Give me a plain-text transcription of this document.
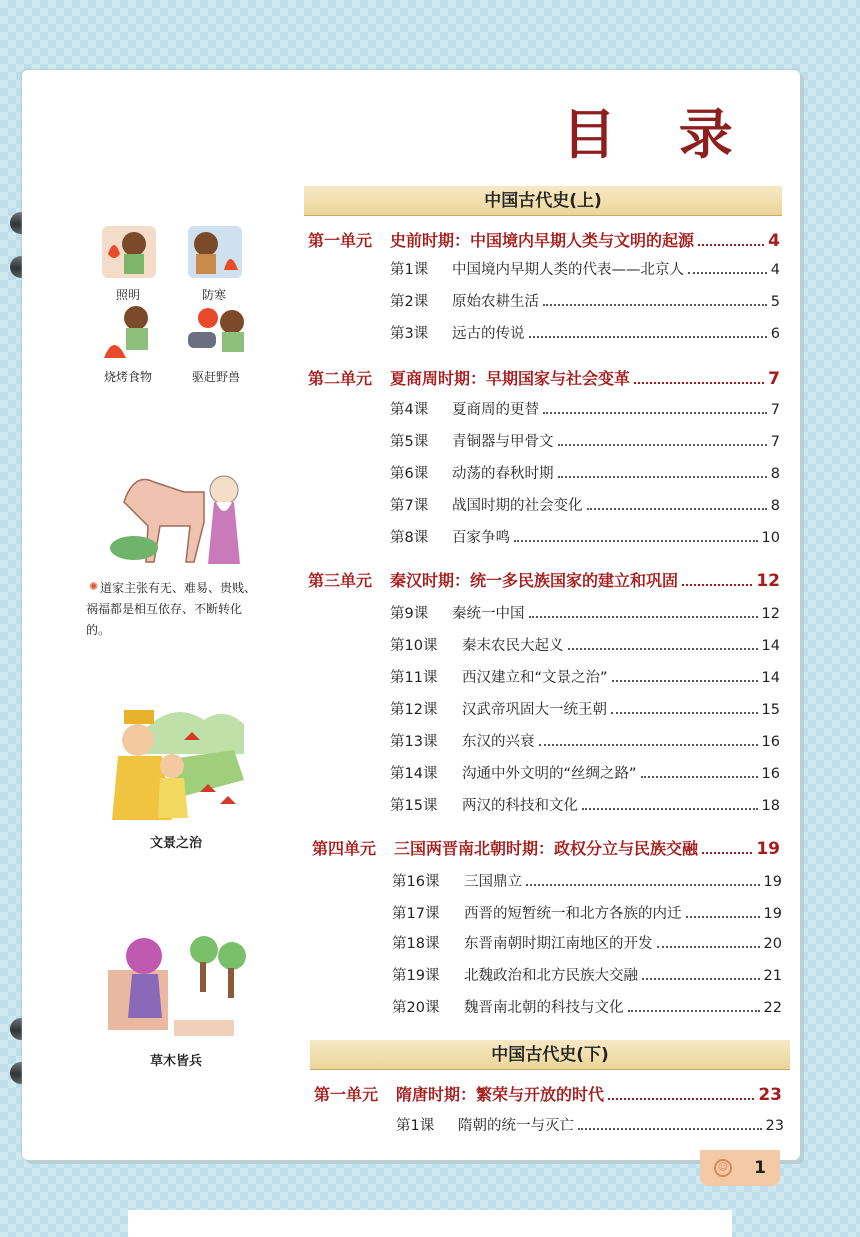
☺ 1
目 录
中国古代史(上)
第一单元	史前时期：中国境内早期人类与文明的起源	4
第1课	中国境内早期人类的代表——北京人	4
第2课	原始农耕生活	5
第3课	远古的传说	6
第二单元	夏商周时期：早期国家与社会变革	7
第4课	夏商周的更替	7
第5课	青铜器与甲骨文	7
第6课	动荡的春秋时期	8
第7课	战国时期的社会变化	8
第8课	百家争鸣	10
第三单元	秦汉时期：统一多民族国家的建立和巩固	12
第9课	秦统一中国	12
第10课	秦末农民大起义	14
第11课	西汉建立和“文景之治”	14
第12课	汉武帝巩固大一统王朝	15
第13课	东汉的兴衰	16
第14课	沟通中外文明的“丝绸之路”	16
第15课	两汉的科技和文化	18
第四单元	三国两晋南北朝时期：政权分立与民族交融	19
第16课	三国鼎立	19
第17课	西晋的短暂统一和北方各族的内迁	19
第18课	东晋南朝时期江南地区的开发	20
第19课	北魏政治和北方民族大交融	21
第20课	魏晋南北朝的科技与文化	22
中国古代史(下)
第一单元	隋唐时期：繁荣与开放的时代	23
第1课	隋朝的统一与灭亡	23
照明	防寒
烧烤食物	驱赶野兽
✺ 道家主张有无、难易、贵贱、祸福都是相互依存、不断转化的。
文景之治
草木皆兵
